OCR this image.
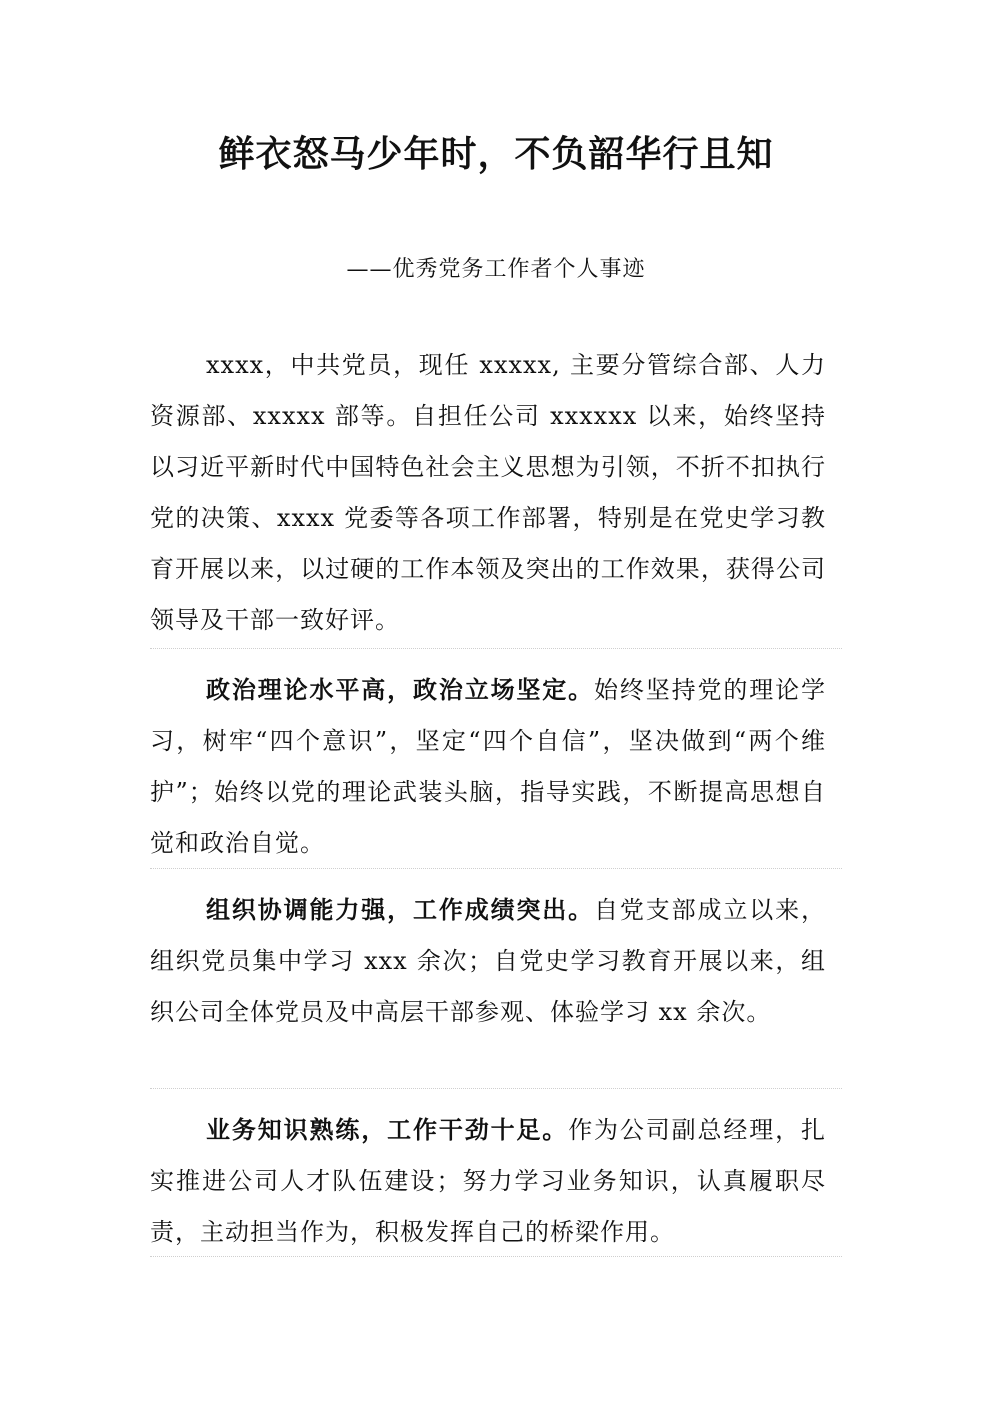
鲜衣怒马少年时，不负韶华行且知
——优秀党务工作者个人事迹
xxxx，中共党员，现任 xxxxx, 主要分管综合部、人力资源部、xxxxx 部等。自担任公司 xxxxxx 以来，始终坚持以习近平新时代中国特色社会主义思想为引领，不折不扣执行党的决策、xxxx 党委等各项工作部署，特别是在党史学习教育开展以来，以过硬的工作本领及突出的工作效果，获得公司领导及干部一致好评。
政治理论水平高，政治立场坚定。始终坚持党的理论学习，树牢“四个意识”，坚定“四个自信”，坚决做到“两个维护”；始终以党的理论武装头脑，指导实践，不断提高思想自觉和政治自觉。
组织协调能力强，工作成绩突出。自党支部成立以来，组织党员集中学习 xxx 余次；自党史学习教育开展以来，组织公司全体党员及中高层干部参观、体验学习 xx 余次。
业务知识熟练，工作干劲十足。作为公司副总经理，扎实推进公司人才队伍建设；努力学习业务知识，认真履职尽责，主动担当作为，积极发挥自己的桥梁作用。
